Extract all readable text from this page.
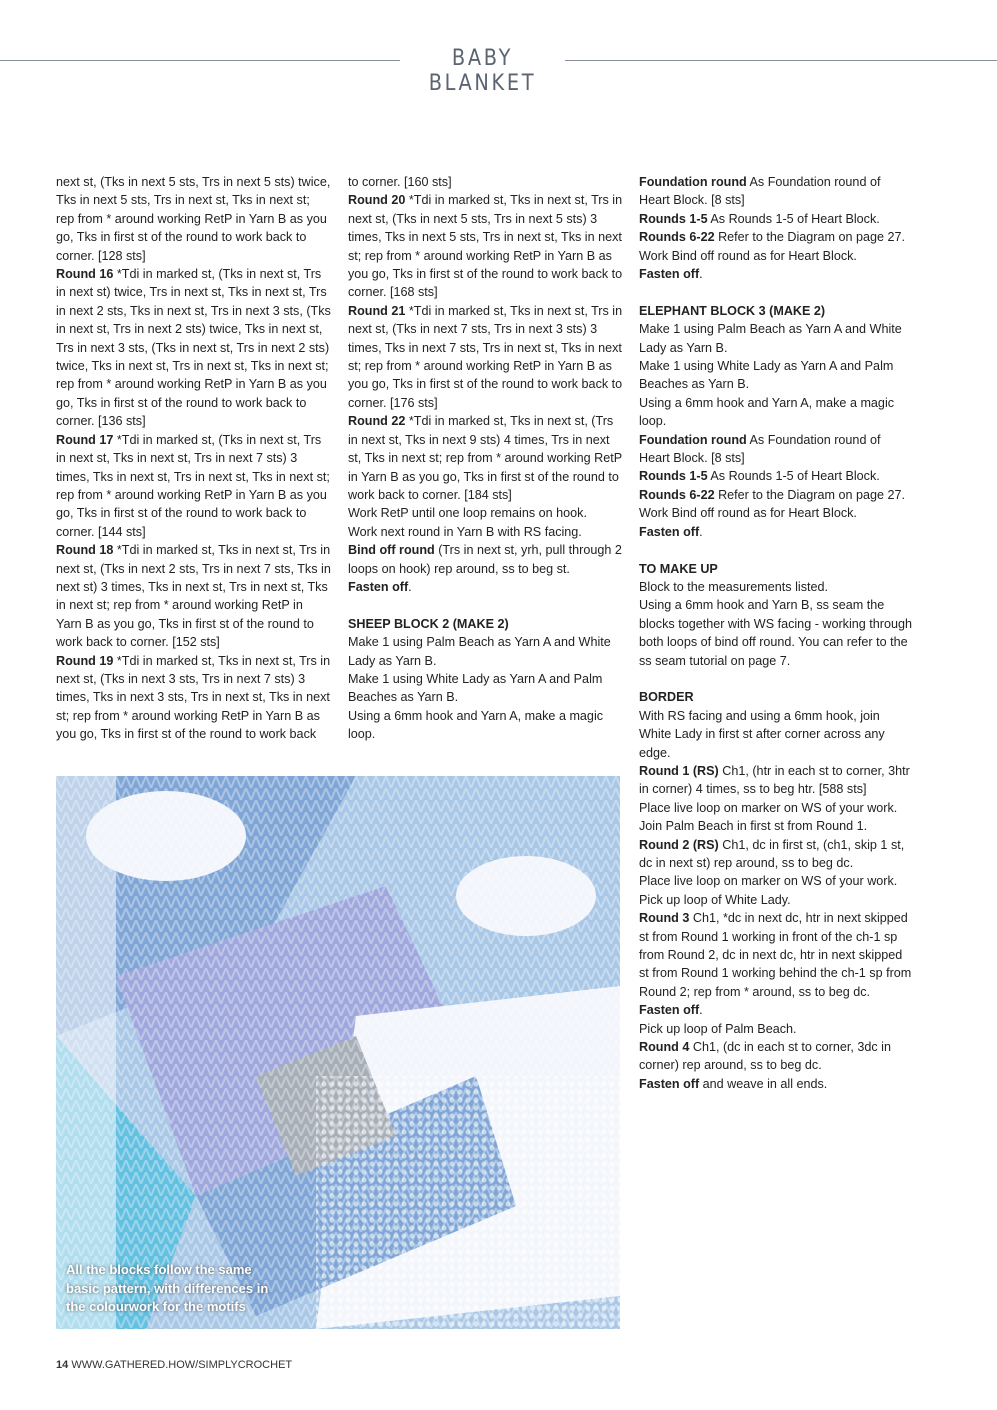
BABY BLANKET

next st, (Tks in next 5 sts, Trs in next 5 sts) twice, Tks in next 5 sts, Trs in next st, Tks in next st; rep from * around working RetP in Yarn B as you go, Tks in first st of the round to work back to corner. [128 sts]

Round 16 *Tdi in marked st, (Tks in next st, Trs in next st) twice, Trs in next st, Tks in next st, Trs in next 2 sts, Tks in next st, Trs in next 3 sts, (Tks in next st, Trs in next 2 sts) twice, Tks in next st, Trs in next 3 sts, (Tks in next st, Trs in next 2 sts) twice, Tks in next st, Trs in next st, Tks in next st; rep from * around working RetP in Yarn B as you go, Tks in first st of the round to work back to corner. [136 sts]

Round 17 *Tdi in marked st, (Tks in next st, Trs in next st, Tks in next st, Trs in next 7 sts) 3 times, Tks in next st, Trs in next st, Tks in next st; rep from * around working RetP in Yarn B as you go, Tks in first st of the round to work back to corner. [144 sts]

Round 18 *Tdi in marked st, Tks in next st, Trs in next st, (Tks in next 2 sts, Trs in next 7 sts, Tks in next st) 3 times, Tks in next st, Trs in next st, Tks in next st; rep from * around working RetP in Yarn B as you go, Tks in first st of the round to work back to corner. [152 sts]

Round 19 *Tdi in marked st, Tks in next st, Trs in next st, (Tks in next 3 sts, Trs in next 7 sts) 3 times, Tks in next 3 sts, Trs in next st, Tks in next st; rep from * around working RetP in Yarn B as you go, Tks in first st of the round to work back

to corner. [160 sts]

Round 20 *Tdi in marked st, Tks in next st, Trs in next st, (Tks in next 5 sts, Trs in next 5 sts) 3 times, Tks in next 5 sts, Trs in next st, Tks in next st; rep from * around working RetP in Yarn B as you go, Tks in first st of the round to work back to corner. [168 sts]

Round 21 *Tdi in marked st, Tks in next st, Trs in next st, (Tks in next 7 sts, Trs in next 3 sts) 3 times, Tks in next 7 sts, Trs in next st, Tks in next st; rep from * around working RetP in Yarn B as you go, Tks in first st of the round to work back to corner. [176 sts]

Round 22 *Tdi in marked st, Tks in next st, (Trs in next st, Tks in next 9 sts) 4 times, Trs in next st, Tks in next st; rep from * around working RetP in Yarn B as you go, Tks in first st of the round to work back to corner. [184 sts]

Work RetP until one loop remains on hook.

Work next round in Yarn B with RS facing.

Bind off round (Trs in next st, yrh, pull through 2 loops on hook) rep around, ss to beg st.

Fasten off.

SHEEP BLOCK 2 (MAKE 2)

Make 1 using Palm Beach as Yarn A and White Lady as Yarn B.

Make 1 using White Lady as Yarn A and Palm Beaches as Yarn B.

Using a 6mm hook and Yarn A, make a magic loop.

Foundation round As Foundation round of Heart Block. [8 sts]

Rounds 1-5 As Rounds 1-5 of Heart Block.

Rounds 6-22 Refer to the Diagram on page 27.

Work Bind off round as for Heart Block.

Fasten off.

ELEPHANT BLOCK 3 (MAKE 2)

Make 1 using Palm Beach as Yarn A and White Lady as Yarn B.

Make 1 using White Lady as Yarn A and Palm Beaches as Yarn B.

Using a 6mm hook and Yarn A, make a magic loop.

Foundation round As Foundation round of Heart Block. [8 sts]

Rounds 1-5 As Rounds 1-5 of Heart Block.

Rounds 6-22 Refer to the Diagram on page 27.

Work Bind off round as for Heart Block.

Fasten off.

TO MAKE UP

Block to the measurements listed.

Using a 6mm hook and Yarn B, ss seam the blocks together with WS facing - working through both loops of bind off round. You can refer to the ss seam tutorial on page 7.

BORDER

With RS facing and using a 6mm hook, join White Lady in first st after corner across any edge.

Round 1 (RS) Ch1, (htr in each st to corner, 3htr in corner) 4 times, ss to beg htr. [588 sts]

Place live loop on marker on WS of your work.

Join Palm Beach in first st from Round 1.

Round 2 (RS) Ch1, dc in first st, (ch1, skip 1 st, dc in next st) rep around, ss to beg dc.

Place live loop on marker on WS of your work.

Pick up loop of White Lady.

Round 3 Ch1, *dc in next dc, htr in next skipped st from Round 1 working in front of the ch-1 sp from Round 2, dc in next dc, htr in next skipped st from Round 1 working behind the ch-1 sp from Round 2; rep from * around, ss to beg dc.

Fasten off.

Pick up loop of Palm Beach.

Round 4 Ch1, (dc in each st to corner, 3dc in corner) rep around, ss to beg dc.

Fasten off and weave in all ends.

All the blocks follow the same basic pattern, with differences in the colourwork for the motifs
14 WWW.GATHERED.HOW/SIMPLYCROCHET
